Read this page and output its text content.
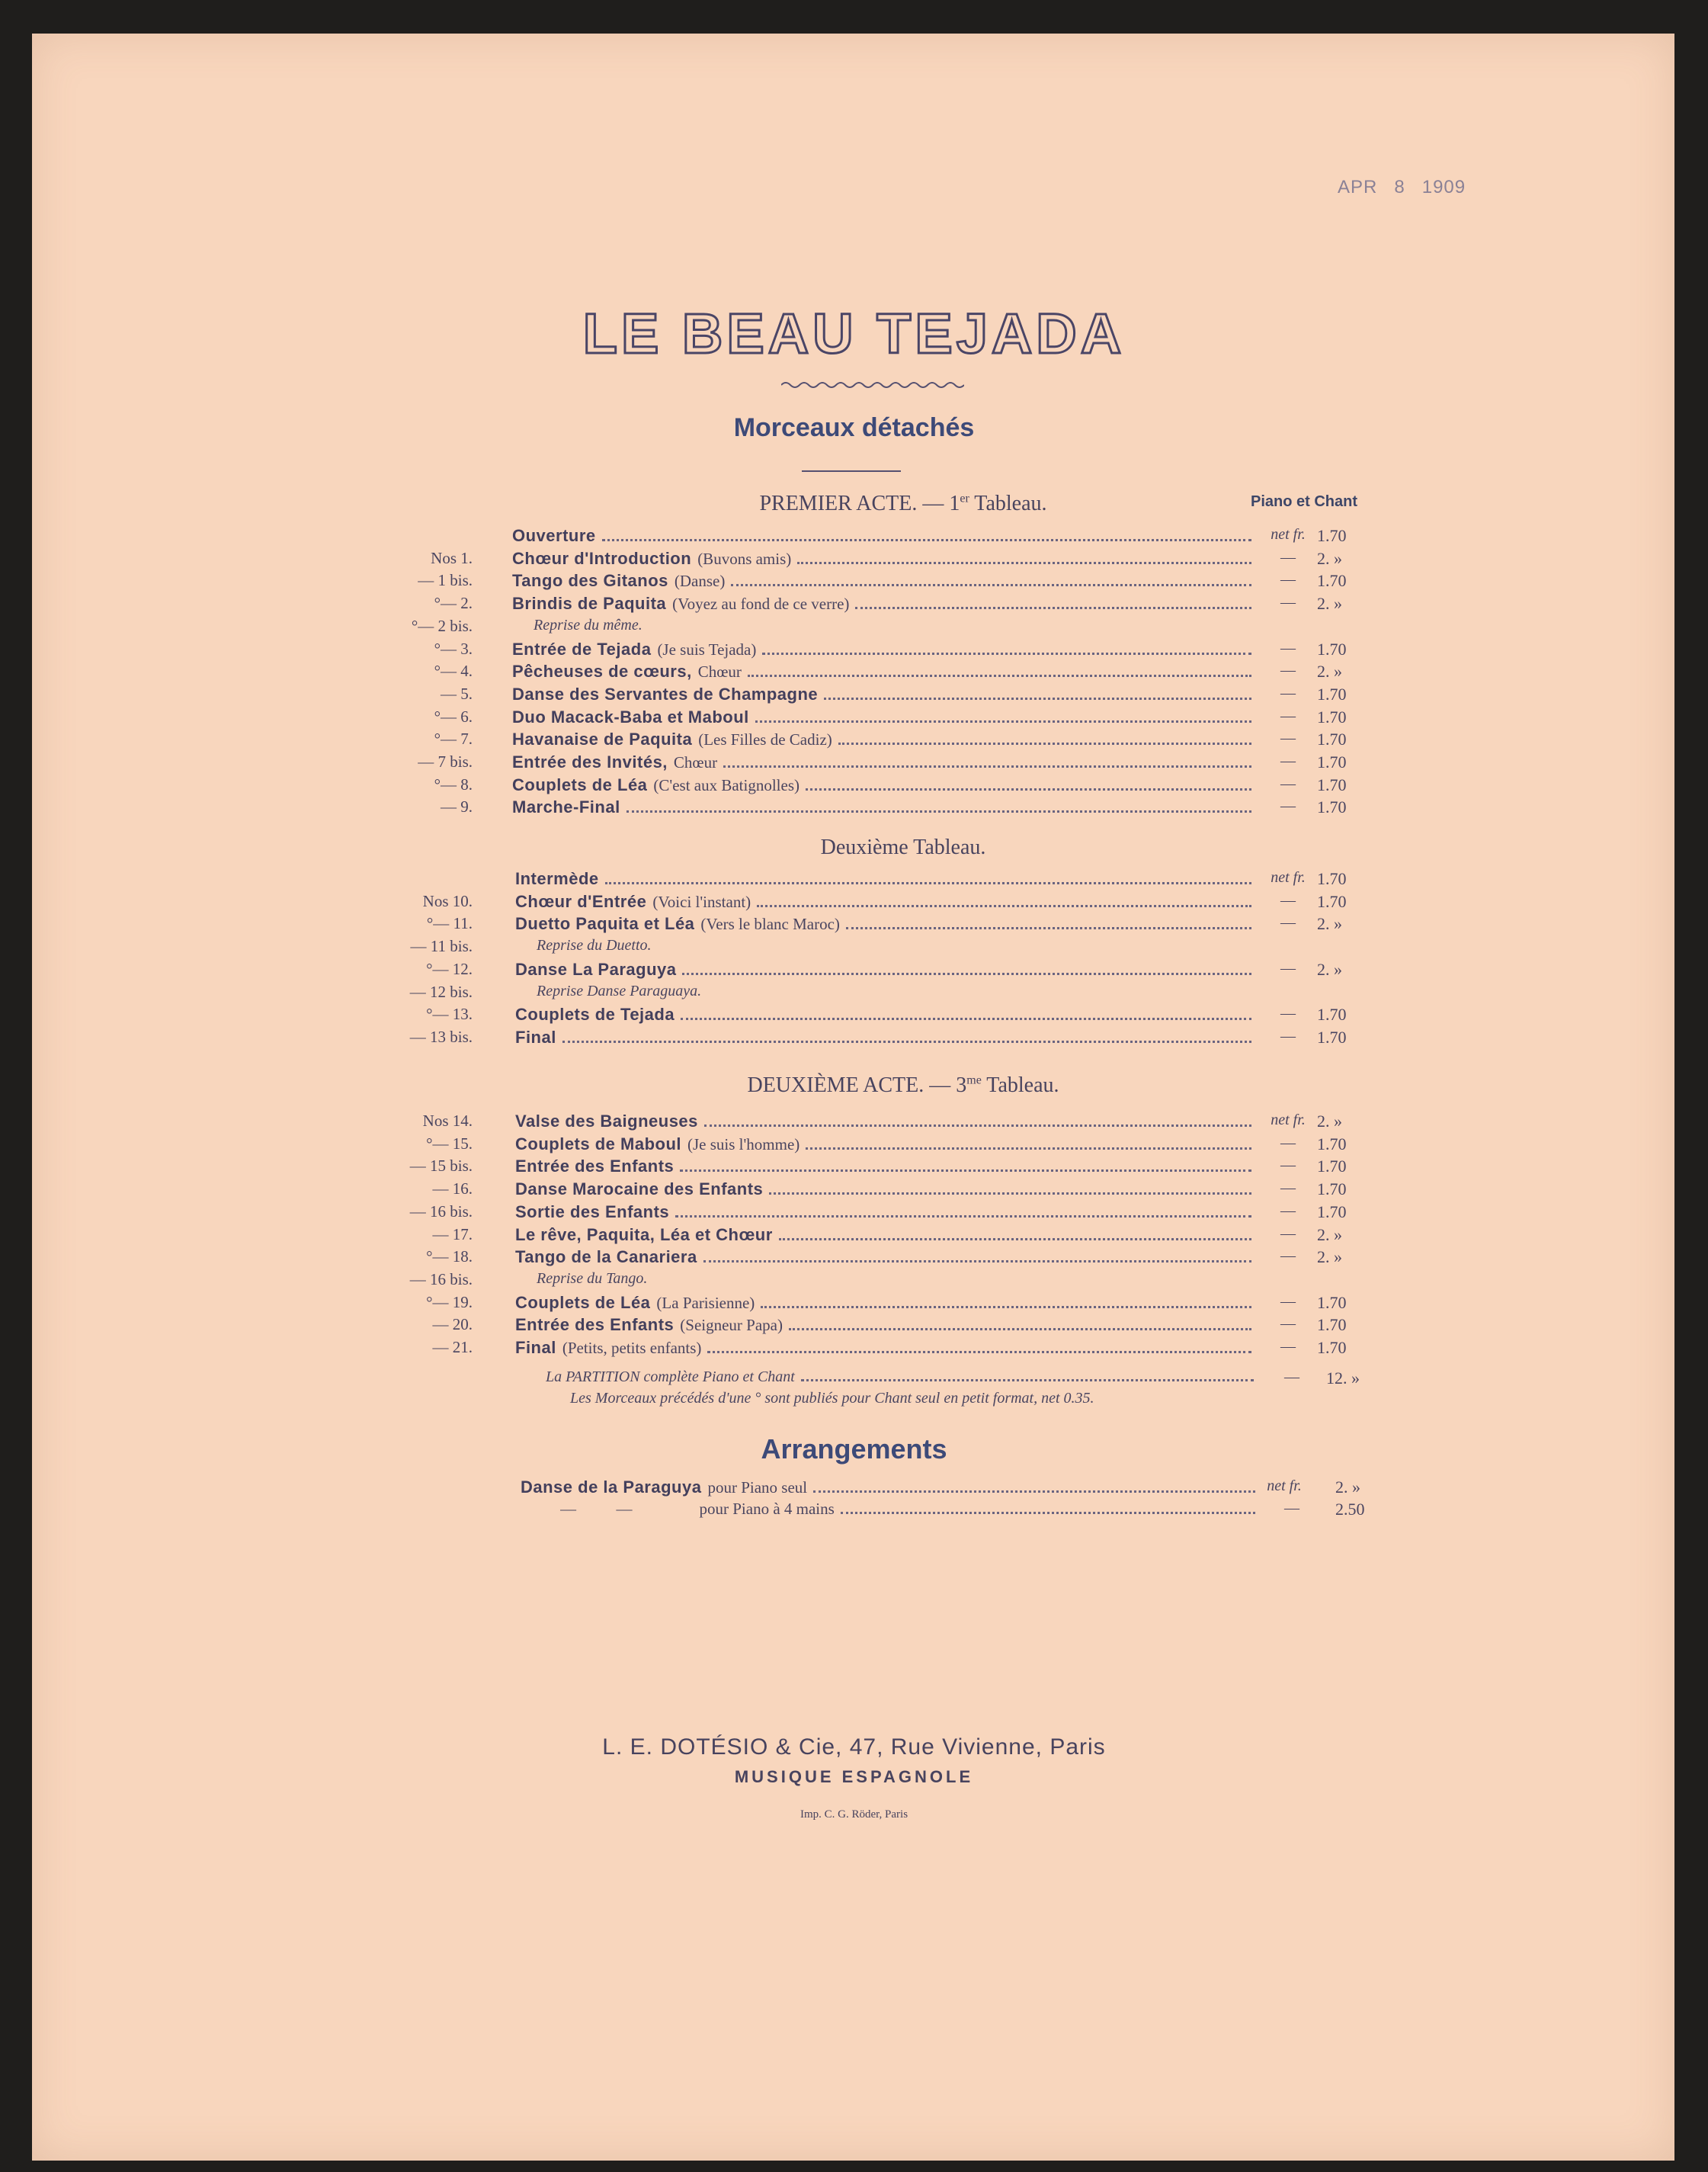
APR 8 1909
LE BEAU TEJADA
Morceaux détachés
PREMIER ACTE. — 1er Tableau.	Piano et Chant
Deuxième Tableau.
DEUXIÈME ACTE. — $3^{me}$ Tableau.
Ouverture	net fr. 1.70
Nos 1. Chœur d'Introduction (Buvons amis)	—	2. »
— 1 bis. Tango des Gitanos (Danse)	—	1.70
°— 2. Brindis de Paquita (Voyez au fond de ce verre)	—	2. »
°— 2 bis.	Reprise du même.
°— 3. Entrée de Tejada (Je suis Tejada)	—	1.70
°— 4. Pêcheuses de cœurs, Chœur	—	2. »
— 5. Danse des Servantes de Champagne	—	1.70
°— 6. Duo Macack-Baba et Maboul	—	1.70
°— 7. Havanaise de Paquita (Les Filles de Cadiz)	—	1.70
— 7 bis. Entrée des Invités, Chœur	—	1.70
°— 8. Couplets de Léa (C'est aux Batignolles)	—	1.70
— 9. Marche-Final	—	1.70
Intermède	net fr. 1.70
Nos 10.	Chœur d'Entrée (Voici l'instant)	—	1.70
°— 11.	Duetto Paquita et Léa (Vers le blanc Maroc)	—	2. »
— 11 bis.	Reprise du Duetto.
°— 12.	Danse La Paraguya	—	2. »
— 12 bis.	Reprise Danse Paraguaya.
°— 13.	Couplets de Tejada	—	1.70
— 13 bis.	Final	—	1.70
Nos 14.	Valse des Baigneuses	net fr. 2. »
°— 15.	Couplets de Maboul (Je suis l'homme)	—	1.70
— 15 bis.	Entrée des Enfants	—	1.70
— 16.	Danse Marocaine des Enfants	—	1.70
— 16 bis.	Sortie des Enfants	—	1.70
— 17.	Le rêve, Paquita, Léa et Chœur	—	2. »
°— 18.	Tango de la Canariera	—	2. »
— 16 bis.	Reprise du Tango.
°— 19.	Couplets de Léa (La Parisienne)	—	1.70
— 20.	Entrée des Enfants (Seigneur Papa)	—	1.70
— 21.	Final (Petits, petits enfants)	—	1.70
La PARTITION complète Piano et Chant	—	12. »
Les Morceaux précédés d'une ° sont publiés pour Chant seul en petit format, net 0.35.
Arrangements
Danse de la Paraguya pour Piano seul	net fr.	2. »
—          —	pour Piano à 4 mains	—	2.50
L. E. DOTÉSIO & Cie, 47, Rue Vivienne, Paris
MUSIQUE ESPAGNOLE
Imp. C. G. Röder, Paris
